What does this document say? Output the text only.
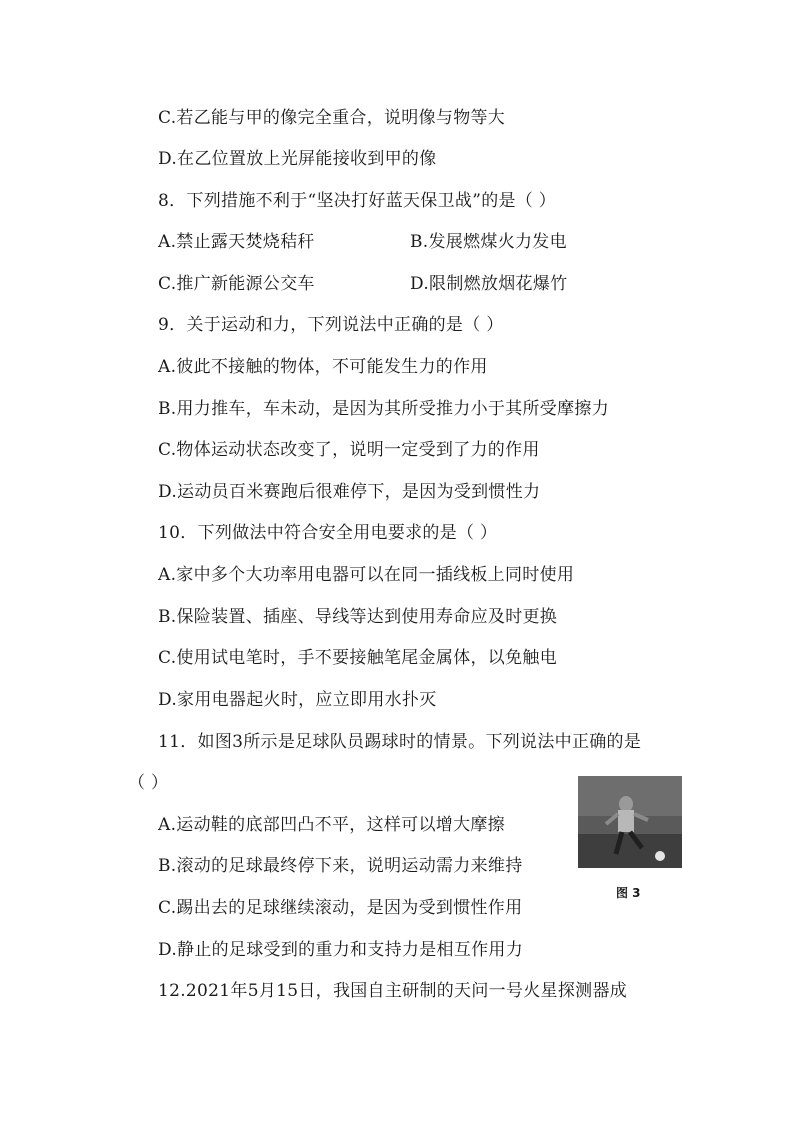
C.若乙能与甲的像完全重合，说明像与物等大
D.在乙位置放上光屏能接收到甲的像
8．下列措施不利于“坚决打好蓝天保卫战”的是（ ）
A.禁止露天焚烧秸秆	B.发展燃煤火力发电
C.推广新能源公交车	D.限制燃放烟花爆竹
9．关于运动和力，下列说法中正确的是（ ）
A.彼此不接触的物体，不可能发生力的作用
B.用力推车，车未动，是因为其所受推力小于其所受摩擦力
C.物体运动状态改变了，说明一定受到了力的作用
D.运动员百米赛跑后很难停下，是因为受到惯性力
10．下列做法中符合安全用电要求的是（ ）
A.家中多个大功率用电器可以在同一插线板上同时使用
B.保险装置、插座、导线等达到使用寿命应及时更换
C.使用试电笔时，手不要接触笔尾金属体，以免触电
D.家用电器起火时，应立即用水扑灭
11．如图3所示是足球队员踢球时的情景。下列说法中正确的是
（ ）
A.运动鞋的底部凹凸不平，这样可以增大摩擦
B.滚动的足球最终停下来，说明运动需力来维持
C.踢出去的足球继续滚动，是因为受到惯性作用
D.静止的足球受到的重力和支持力是相互作用力
图 3
12.2021年5月15日，我国自主研制的天问一号火星探测器成
